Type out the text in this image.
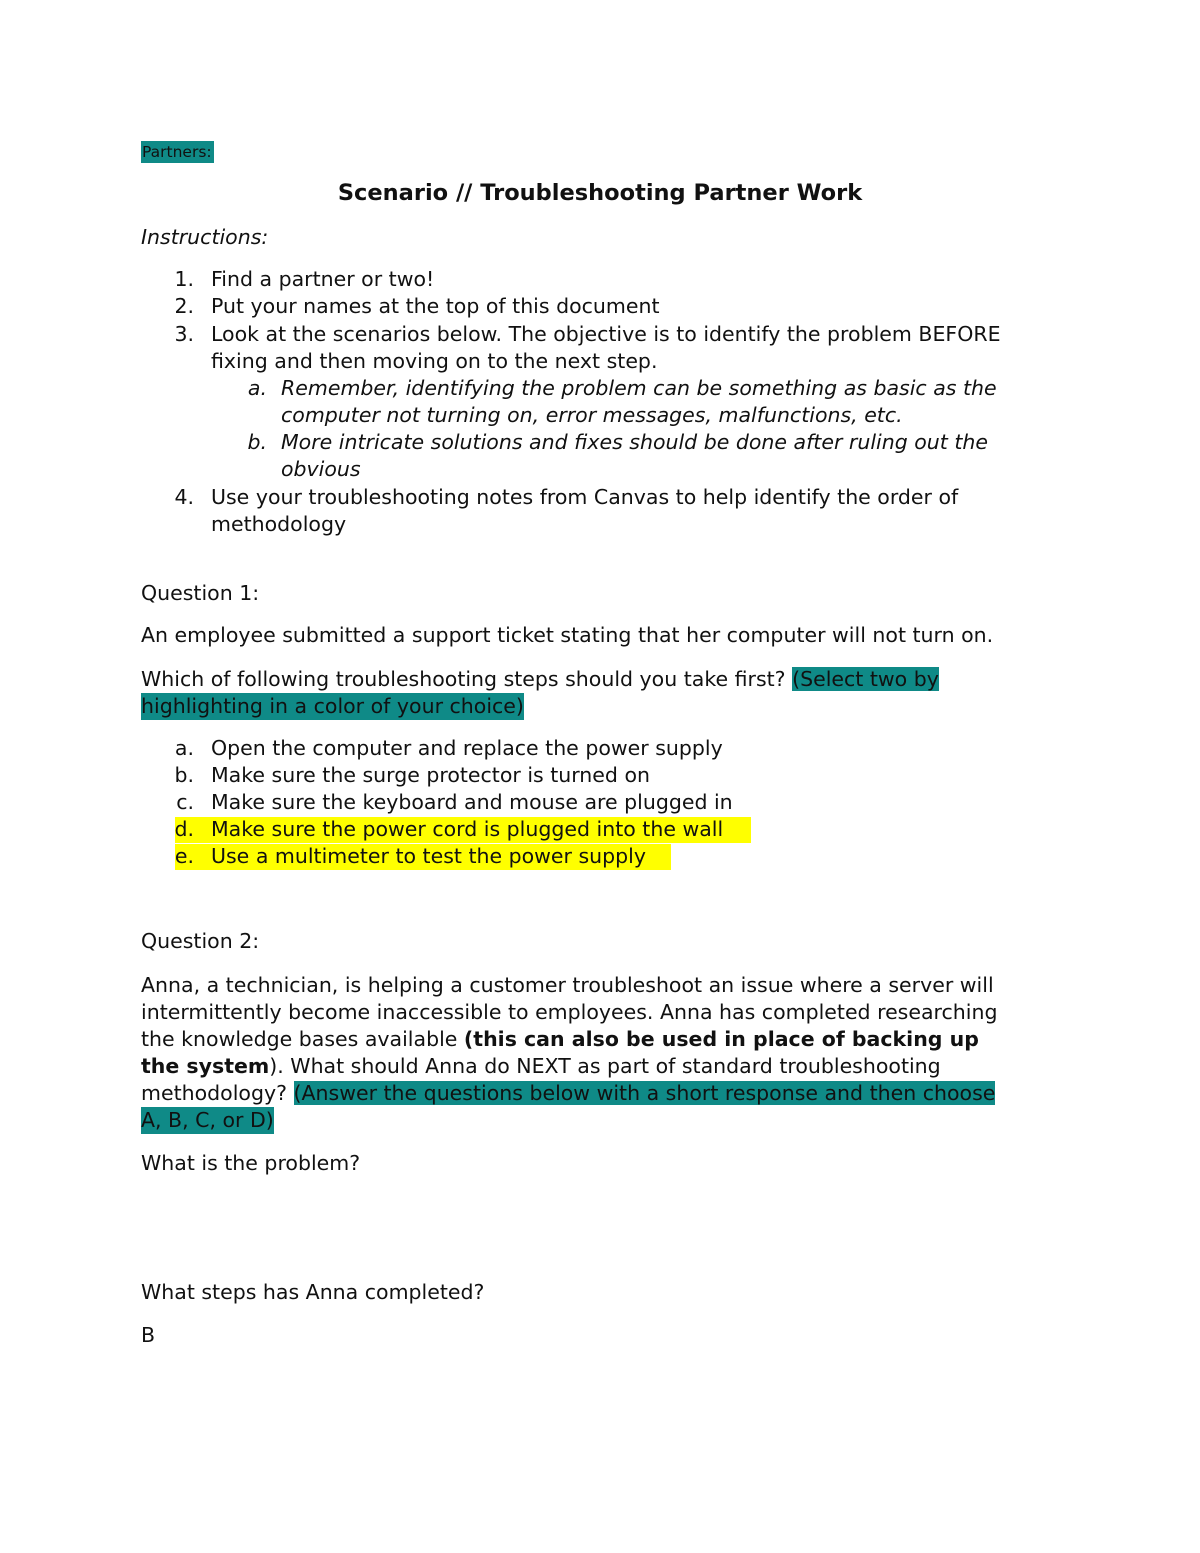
Partners:
Scenario // Troubleshooting Partner Work
Instructions:
1. Find a partner or two!
2. Put your names at the top of this document
3. Look at the scenarios below. The objective is to identify the problem BEFORE
fixing and then moving on to the next step.
a. Remember, identifying the problem can be something as basic as the
computer not turning on, error messages, malfunctions, etc.
b. More intricate solutions and fixes should be done after ruling out the
obvious
4. Use your troubleshooting notes from Canvas to help identify the order of
methodology
Question 1:
An employee submitted a support ticket stating that her computer will not turn on.
Which of following troubleshooting steps should you take first? (Select two by
highlighting in a color of your choice)
a. Open the computer and replace the power supply
b. Make sure the surge protector is turned on
c. Make sure the keyboard and mouse are plugged in
d. Make sure the power cord is plugged into the wall
e. Use a multimeter to test the power supply
Question 2:
Anna, a technician, is helping a customer troubleshoot an issue where a server will
intermittently become inaccessible to employees. Anna has completed researching
the knowledge bases available (this can also be used in place of backing up
the system). What should Anna do NEXT as part of standard troubleshooting
methodology? (Answer the questions below with a short response and then choose
A, B, C, or D)
What is the problem?
What steps has Anna completed?
B
